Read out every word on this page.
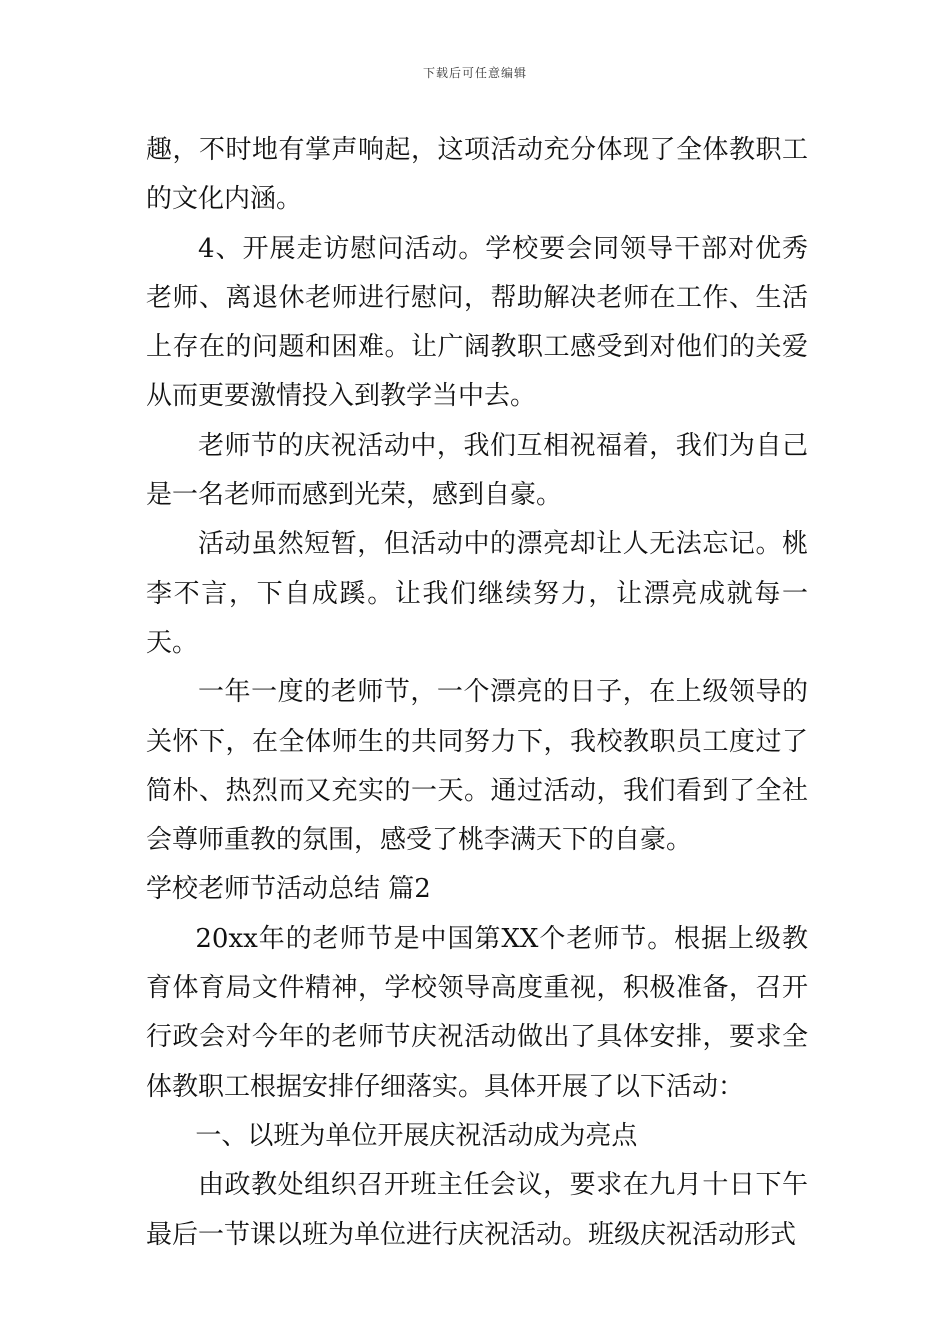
下载后可任意编辑

趣，不时地有掌声响起，这项活动充分体现了全体教职工的文化内涵。

4、开展走访慰问活动。学校要会同领导干部对优秀老师、离退休老师进行慰问，帮助解决老师在工作、生活上存在的问题和困难。让广阔教职工感受到对他们的关爱从而更要激情投入到教学当中去。

老师节的庆祝活动中，我们互相祝福着，我们为自己是一名老师而感到光荣，感到自豪。

活动虽然短暂，但活动中的漂亮却让人无法忘记。桃李不言，下自成蹊。让我们继续努力，让漂亮成就每一天。

一年一度的老师节，一个漂亮的日子，在上级领导的关怀下，在全体师生的共同努力下，我校教职员工度过了简朴、热烈而又充实的一天。通过活动，我们看到了全社会尊师重教的氛围，感受了桃李满天下的自豪。

学校老师节活动总结 篇2

20xx年的老师节是中国第XX个老师节。根据上级教育体育局文件精神，学校领导高度重视，积极准备，召开行政会对今年的老师节庆祝活动做出了具体安排，要求全体教职工根据安排仔细落实。具体开展了以下活动：

一、以班为单位开展庆祝活动成为亮点

由政教处组织召开班主任会议，要求在九月十日下午最后一节课以班为单位进行庆祝活动。班级庆祝活动形式
